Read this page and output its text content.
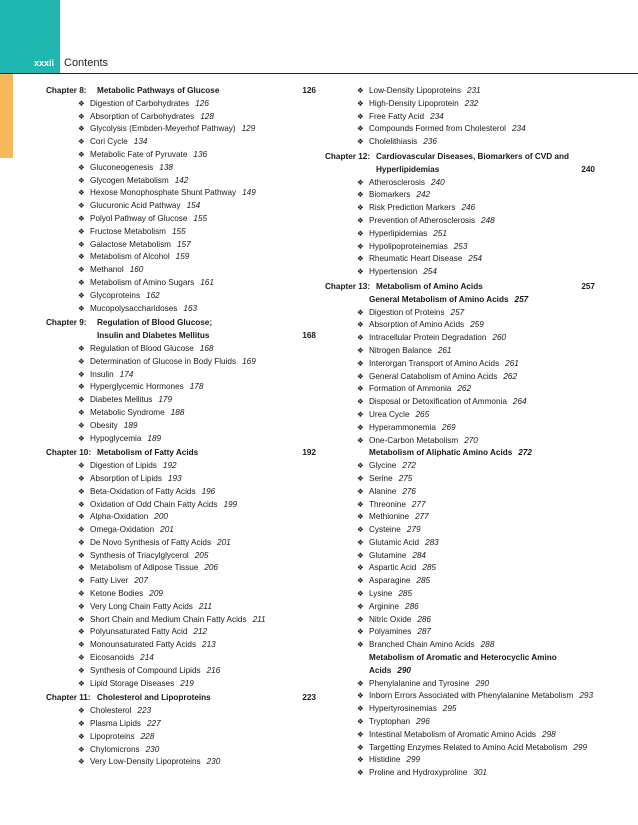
xxxii Contents
Chapter 8: Metabolic Pathways of Glucose	126
❖ Digestion of Carbohydrates 126
❖ Absorption of Carbohydrates 128
❖ Glycolysis (Embden-Meyerhof Pathway) 129
❖ Cori Cycle 134
❖ Metabolic Fate of Pyruvate 136
❖ Gluconeogenesis 138
❖ Glycogen Metabolism 142
❖ Hexose Monophosphate Shunt Pathway 149
❖ Glucuronic Acid Pathway 154
❖ Polyol Pathway of Glucose 155
❖ Fructose Metabolism 155
❖ Galactose Metabolism 157
❖ Metabolism of Alcohol 159
❖ Methanol 160
❖ Metabolism of Amino Sugars 161
❖ Glycoproteins 162
❖ Mucopolysaccharidoses 163
Chapter 9: Regulation of Blood Glucose;
Insulin and Diabetes Mellitus	168
❖ Regulation of Blood Glucose 168
❖ Determination of Glucose in Body Fluids 169
❖ Insulin 174
❖ Hyperglycemic Hormones 178
❖ Diabetes Mellitus 179
❖ Metabolic Syndrome 188
❖ Obesity 189
❖ Hypoglycemia 189
Chapter 10: Metabolism of Fatty Acids	192
❖ Digestion of Lipids 192
❖ Absorption of Lipids 193
❖ Beta-Oxidation of Fatty Acids 196
❖ Oxidation of Odd Chain Fatty Acids 199
❖ Alpha-Oxidation 200
❖ Omega-Oxidation 201
❖ De Novo Synthesis of Fatty Acids 201
❖ Synthesis of Triacylglycerol 205
❖ Metabolism of Adipose Tissue 206
❖ Fatty Liver 207
❖ Ketone Bodies 209
❖ Very Long Chain Fatty Acids 211
❖ Short Chain and Medium Chain Fatty Acids 211
❖ Polyunsaturated Fatty Acid 212
❖ Monounsaturated Fatty Acids 213
❖ Eicosanoids 214
❖ Synthesis of Compound Lipids 216
❖ Lipid Storage Diseases 219
Chapter 11: Cholesterol and Lipoproteins	223
❖ Cholesterol 223
❖ Plasma Lipids 227
❖ Lipoproteins 228
❖ Chylomicrons 230
❖ Very Low-Density Lipoproteins 230
❖ Low-Density Lipoproteins 231
❖ High-Density Lipoprotein 232
❖ Free Fatty Acid 234
❖ Compounds Formed from Cholesterol 234
❖ Cholelithiasis 236
Chapter 12: Cardiovascular Diseases, Biomarkers of CVD and
Hyperlipidemias	240
❖ Atherosclerosis 240
❖ Biomarkers 242
❖ Risk Prediction Markers 246
❖ Prevention of Atherosclerosis 248
❖ Hyperlipidemias 251
❖ Hypolipoproteinemias 253
❖ Rheumatic Heart Disease 254
❖ Hypertension 254
Chapter 13: Metabolism of Amino Acids	257
General Metabolism of Amino Acids 257
❖ Digestion of Proteins 257
❖ Absorption of Amino Acids 259
❖ Intracellular Protein Degradation 260
❖ Nitrogen Balance 261
❖ Interorgan Transport of Amino Acids 261
❖ General Catabolism of Amino Acids 262
❖ Formation of Ammonia 262
❖ Disposal or Detoxification of Ammonia 264
❖ Urea Cycle 265
❖ Hyperammonemia 269
❖ One-Carbon Metabolism 270
Metabolism of Aliphatic Amino Acids 272
❖ Glycine 272
❖ Serine 275
❖ Alanine 276
❖ Threonine 277
❖ Methionine 277
❖ Cysteine 279
❖ Glutamic Acid 283
❖ Glutamine 284
❖ Aspartic Acid 285
❖ Asparagine 285
❖ Lysine 285
❖ Arginine 286
❖ Nitric Oxide 286
❖ Polyamines 287
❖ Branched Chain Amino Acids 288
Metabolism of Aromatic and Heterocyclic Amino Acids 290
❖ Phenylalanine and Tyrosine 290
❖ Inborn Errors Associated with Phenylalanine Metabolism 293
❖ Hypertyrosinemias 295
❖ Tryptophan 296
❖ Intestinal Metabolism of Aromatic Amino Acids 298
❖ Targetting Enzymes Related to Amino Acid Metabolism 299
❖ Histidine 299
❖ Proline and Hydroxyproline 301
